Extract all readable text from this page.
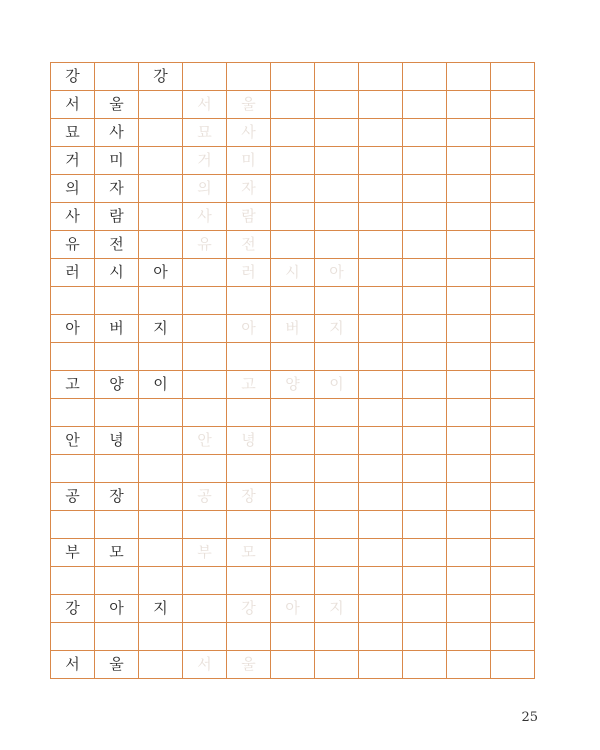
강		강								
서	울		서	울						
묘	사		묘	사						
거	미		거	미						
의	자		의	자						
사	람		사	람						
유	전		유	전						
러	시	아		러	시	아				

아	버	지		아	버	지				

고	양	이		고	양	이				

안	녕		안	녕						

공	장		공	장						

부	모		부	모						

강	아	지		강	아	지				

서	울		서	울						
25
